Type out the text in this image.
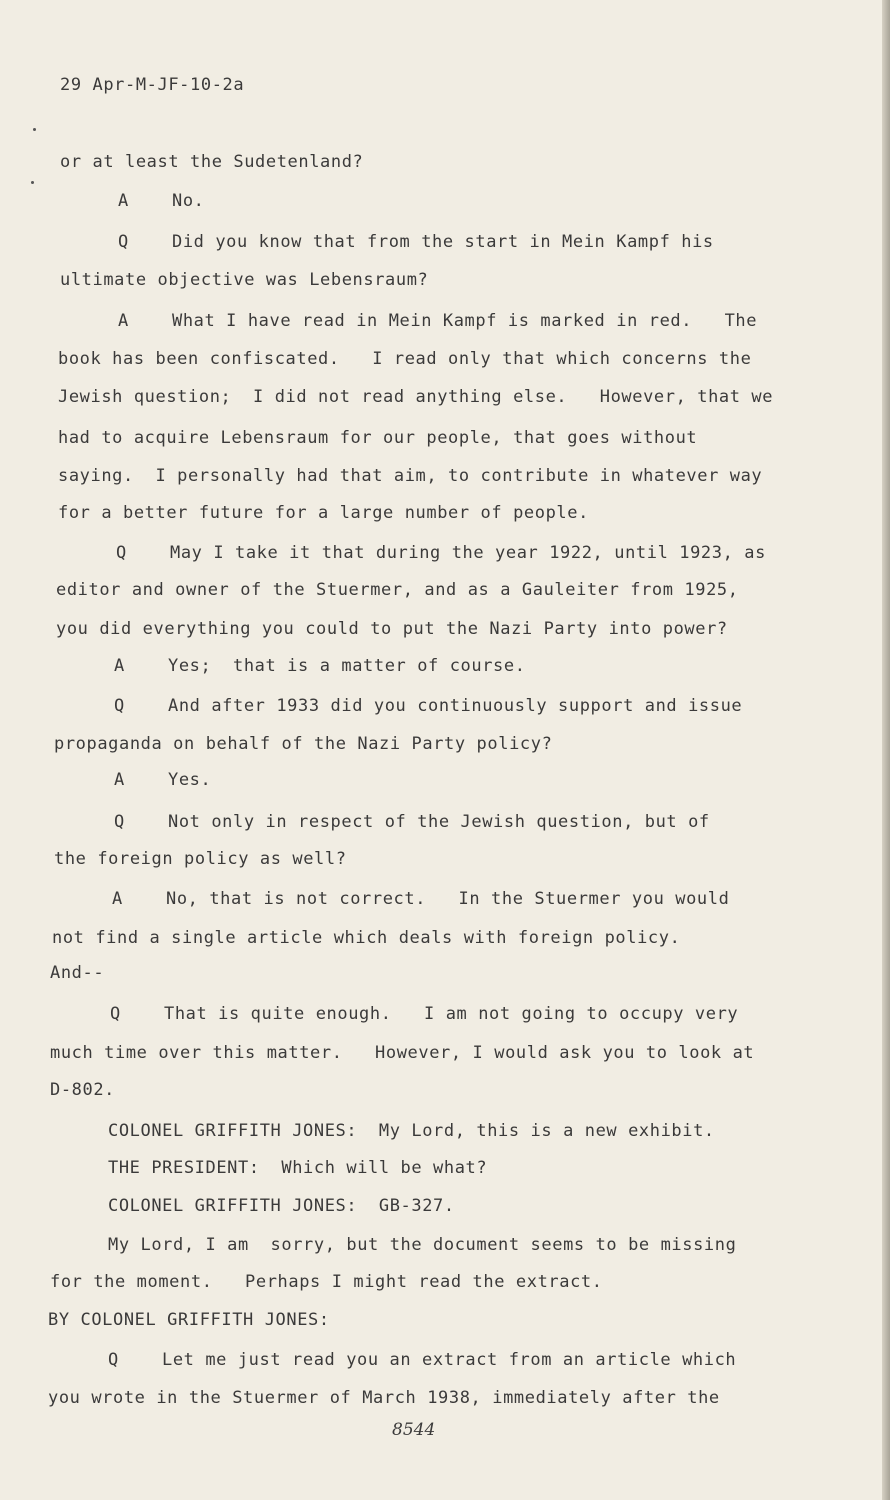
29 Apr-M-JF-10-2a
or at least the Sudetenland?
A	No.
Q	Did you know that from the start in Mein Kampf his
ultimate objective was Lebensraum?
A	What I have read in Mein Kampf is marked in red.   The
book has been confiscated.   I read only that which concerns the
Jewish question;  I did not read anything else.   However, that we
had to acquire Lebensraum for our people, that goes without
saying.  I personally had that aim, to contribute in whatever way
for a better future for a large number of people.
Q	May I take it that during the year 1922, until 1923, as
editor and owner of the Stuermer, and as a Gauleiter from 1925,
you did everything you could to put the Nazi Party into power?
A	Yes;  that is a matter of course.
Q	And after 1933 did you continuously support and issue
propaganda on behalf of the Nazi Party policy?
A	Yes.
Q	Not only in respect of the Jewish question, but of
the foreign policy as well?
A	No, that is not correct.   In the Stuermer you would
not find a single article which deals with foreign policy.
And--
Q	That is quite enough.   I am not going to occupy very
much time over this matter.   However, I would ask you to look at
D-802.
COLONEL GRIFFITH JONES:  My Lord, this is a new exhibit.
THE PRESIDENT:  Which will be what?
COLONEL GRIFFITH JONES:  GB-327.
My Lord, I am  sorry, but the document seems to be missing
for the moment.   Perhaps I might read the extract.
BY COLONEL GRIFFITH JONES:
Q	Let me just read you an extract from an article which
you wrote in the Stuermer of March 1938, immediately after the
8544
